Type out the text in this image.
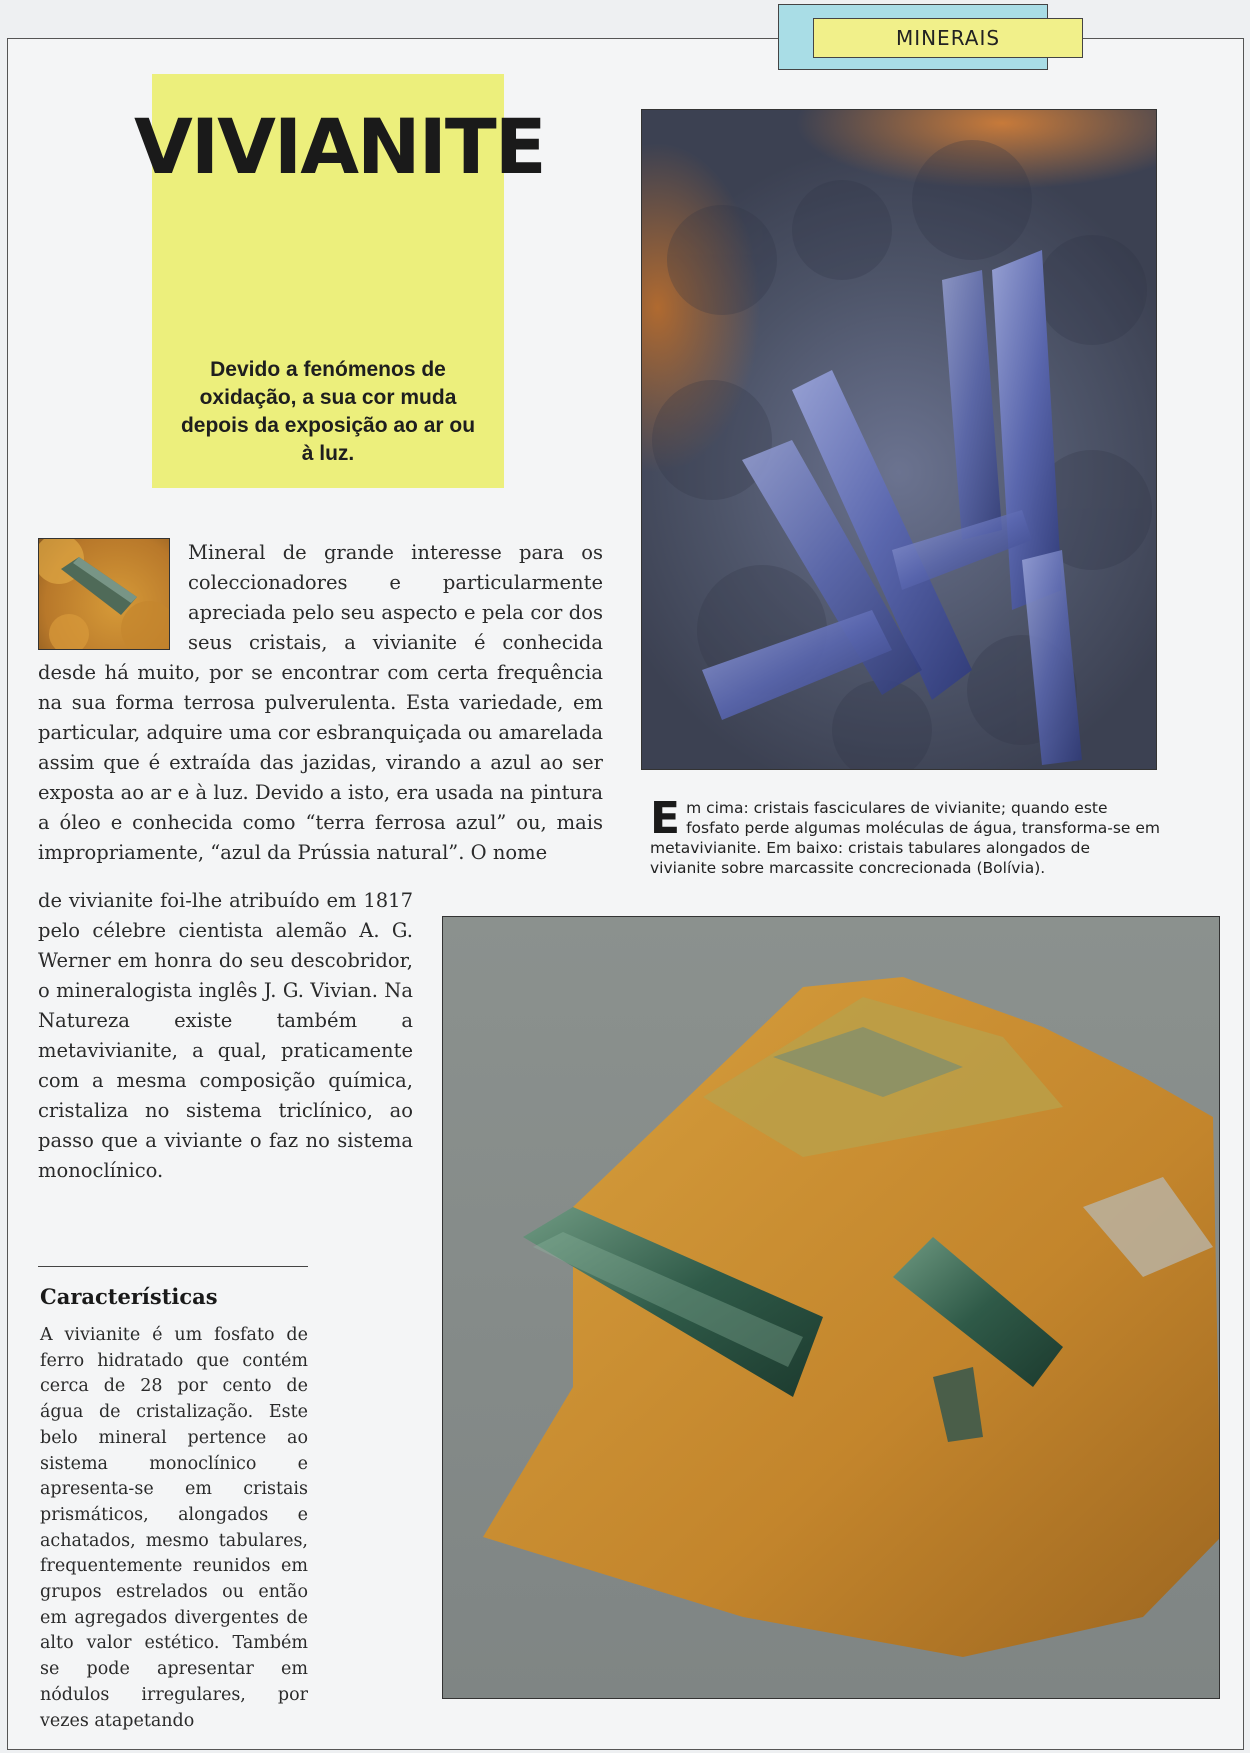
MINERAIS
VIVIANITE

Devido a fenómenos de oxidação, a sua cor muda depois da exposição ao ar ou à luz.

Mineral de grande interesse para os coleccionadores e particularmente apreciada pelo seu aspecto e pela cor dos seus cristais, a vivianite é conhecida desde há muito, por se encontrar com certa frequência na sua forma terrosa pulverulenta. Esta variedade, em particular, adquire uma cor esbranquiçada ou amarelada assim que é extraída das jazidas, virando a azul ao ser exposta ao ar e à luz. Devido a isto, era usada na pintura a óleo e conhecida como “terra ferrosa azul” ou, mais impropriamente, “azul da Prússia natural”. O nome

de vivianite foi-lhe atribuído em 1817 pelo célebre cientista alemão A. G. Werner em honra do seu descobridor, o mineralogista inglês J. G. Vivian. Na Natureza existe também a metavivianite, a qual, praticamente com a mesma composição química, cristaliza no sistema triclínico, ao passo que a viviante o faz no sistema monoclínico.

E m cima: cristais fasciculares de vivianite; quando este fosfato perde algumas moléculas de água, transforma-se em metavivianite. Em baixo: cristais tabulares alongados de vivianite sobre marcassite concrecionada (Bolívia).
Características

A vivianite é um fosfato de ferro hidratado que contém cerca de 28 por cento de água de cristalização. Este belo mineral pertence ao sistema monoclínico e apresenta-se em cristais prismáticos, alongados e achatados, mesmo tabulares, frequentemente reunidos em grupos estrelados ou então em agregados divergentes de alto valor estético. Também se pode apresentar em nódulos irregulares, por vezes atapetando
